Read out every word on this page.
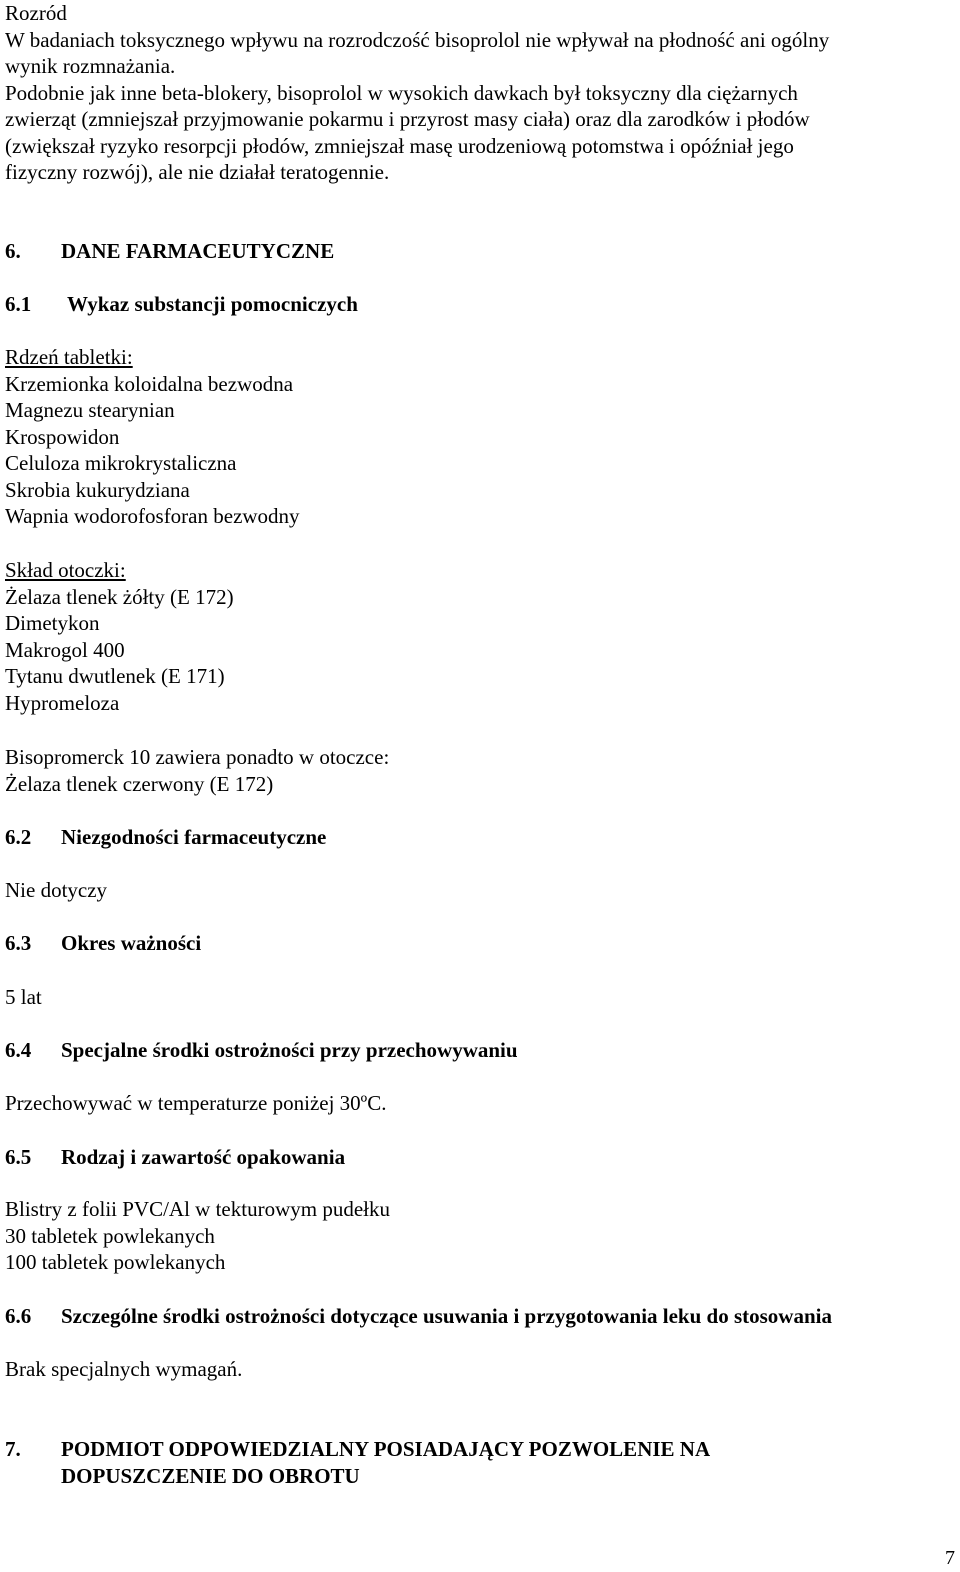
Rozród
W badaniach toksycznego wpływu na rozrodczość bisoprolol nie wpływał na płodność ani ogólny
wynik rozmnażania.
Podobnie jak inne beta-blokery, bisoprolol w wysokich dawkach był toksyczny dla ciężarnych
zwierząt (zmniejszał przyjmowanie pokarmu i przyrost masy ciała) oraz dla zarodków i płodów
(zwiększał ryzyko resorpcji płodów, zmniejszał masę urodzeniową potomstwa i opóźniał jego
fizyczny rozwój), ale nie działał teratogennie.
6. DANE FARMACEUTYCZNE
6.1 Wykaz substancji pomocniczych
Rdzeń tabletki:
Krzemionka koloidalna bezwodna
Magnezu stearynian
Krospowidon
Celuloza mikrokrystaliczna
Skrobia kukurydziana
Wapnia wodorofosforan bezwodny
Skład otoczki:
Żelaza tlenek żółty (E 172)
Dimetykon
Makrogol 400
Tytanu dwutlenek (E 171)
Hypromeloza
Bisopromerck 10 zawiera ponadto w otoczce:
Żelaza tlenek czerwony (E 172)
6.2 Niezgodności farmaceutyczne
Nie dotyczy
6.3 Okres ważności
5 lat
6.4 Specjalne środki ostrożności przy przechowywaniu
Przechowywać w temperaturze poniżej 30ºC.
6.5 Rodzaj i zawartość opakowania
Blistry z folii PVC/Al w tekturowym pudełku
30 tabletek powlekanych
100 tabletek powlekanych
6.6 Szczególne środki ostrożności dotyczące usuwania i przygotowania leku do stosowania
Brak specjalnych wymagań.
7. PODMIOT ODPOWIEDZIALNY POSIADAJĄCY POZWOLENIE NA
DOPUSZCZENIE DO OBROTU
7
